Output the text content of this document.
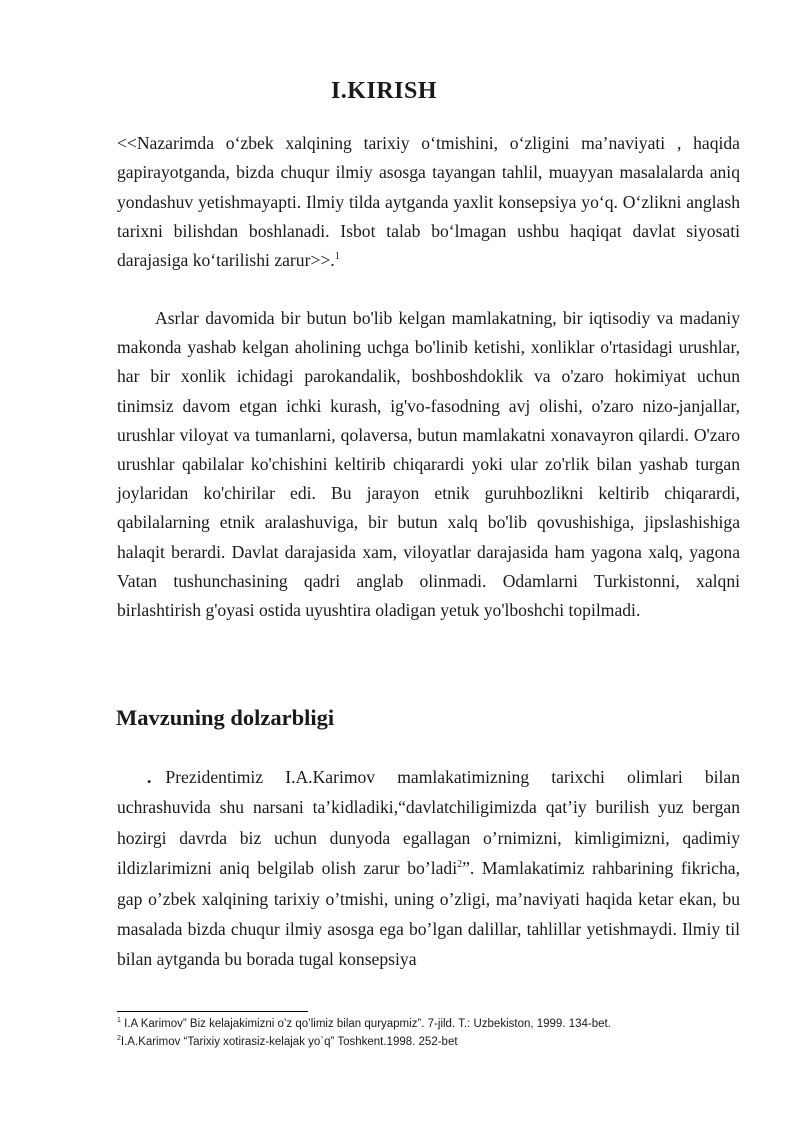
I.KIRISH

<<Nazarimda o‘zbek xalqining tarixiy o‘tmishini, o‘zligini ma’naviyati , haqida gapirayotganda, bizda chuqur ilmiy asosga tayangan tahlil, muayyan masalalarda aniq yondashuv yetishmayapti. Ilmiy tilda aytganda yaxlit konsepsiya yo‘q. O‘zlikni anglash tarixni bilishdan boshlanadi. Isbot talab bo‘lmagan ushbu haqiqat davlat siyosati darajasiga ko‘tarilishi zarur>>.$^1$

Asrlar davomida bir butun bo'lib kelgan mamlakatning, bir iqtisodiy va madaniy makonda yashab kelgan aholining uchga bo'linib ketishi, xonliklar o'rtasidagi urushlar, har bir xonlik ichidagi parokandalik, boshboshdoklik va o'zaro hokimiyat uchun tinimsiz davom etgan ichki kurash, ig'vo-fasodning avj olishi, o'zaro nizo-janjallar, urushlar viloyat va tumanlarni, qolaversa, butun mamlakatni xonavayron qilardi. O'zaro urushlar qabilalar ko'chishini keltirib chiqarardi yoki ular zo'rlik bilan yashab turgan joylaridan ko'chirilar edi. Bu jarayon etnik guruhbozlikni keltirib chiqarardi, qabilalarning etnik aralashuviga, bir butun xalq bo'lib qovushishiga, jipslashishiga halaqit berardi. Davlat darajasida xam, viloyatlar darajasida ham yagona xalq, yagona Vatan tushunchasining qadri anglab olinmadi. Odamlarni Turkistonni, xalqni birlashtirish g'oyasi ostida uyushtira oladigan yetuk yo'lboshchi topilmadi.

Mavzuning dolzarbligi

. Prezidentimiz I.A.Karimov mamlakatimizning tarixchi olimlari bilan uchrashuvida shu narsani ta’kidladiki,“davlatchiligimizda qat’iy burilish yuz bergan hozirgi davrda biz uchun dunyoda egallagan o’rnimizni, kimligimizni, qadimiy ildizlarimizni aniq belgilab olish zarur bo’ladi$^2$”. Mamlakatimiz rahbarining fikricha, gap o’zbek xalqining tarixiy o’tmishi, uning o’zligi, ma’naviyati haqida ketar ekan, bu masalada bizda chuqur ilmiy asosga ega bo’lgan dalillar, tahlillar yetishmaydi. Ilmiy til bilan aytganda bu borada tugal konsepsiya

$^1$ I.A Karimov” Biz kelajakimizni o’z qo’limiz bilan quryapmiz”. 7-jild. T.: Uzbekiston, 1999. 134-bet.
$^2$I.A.Karimov “Tarixiy xotirasiz-kelajak yo`q” Toshkent.1998. 252-bet
